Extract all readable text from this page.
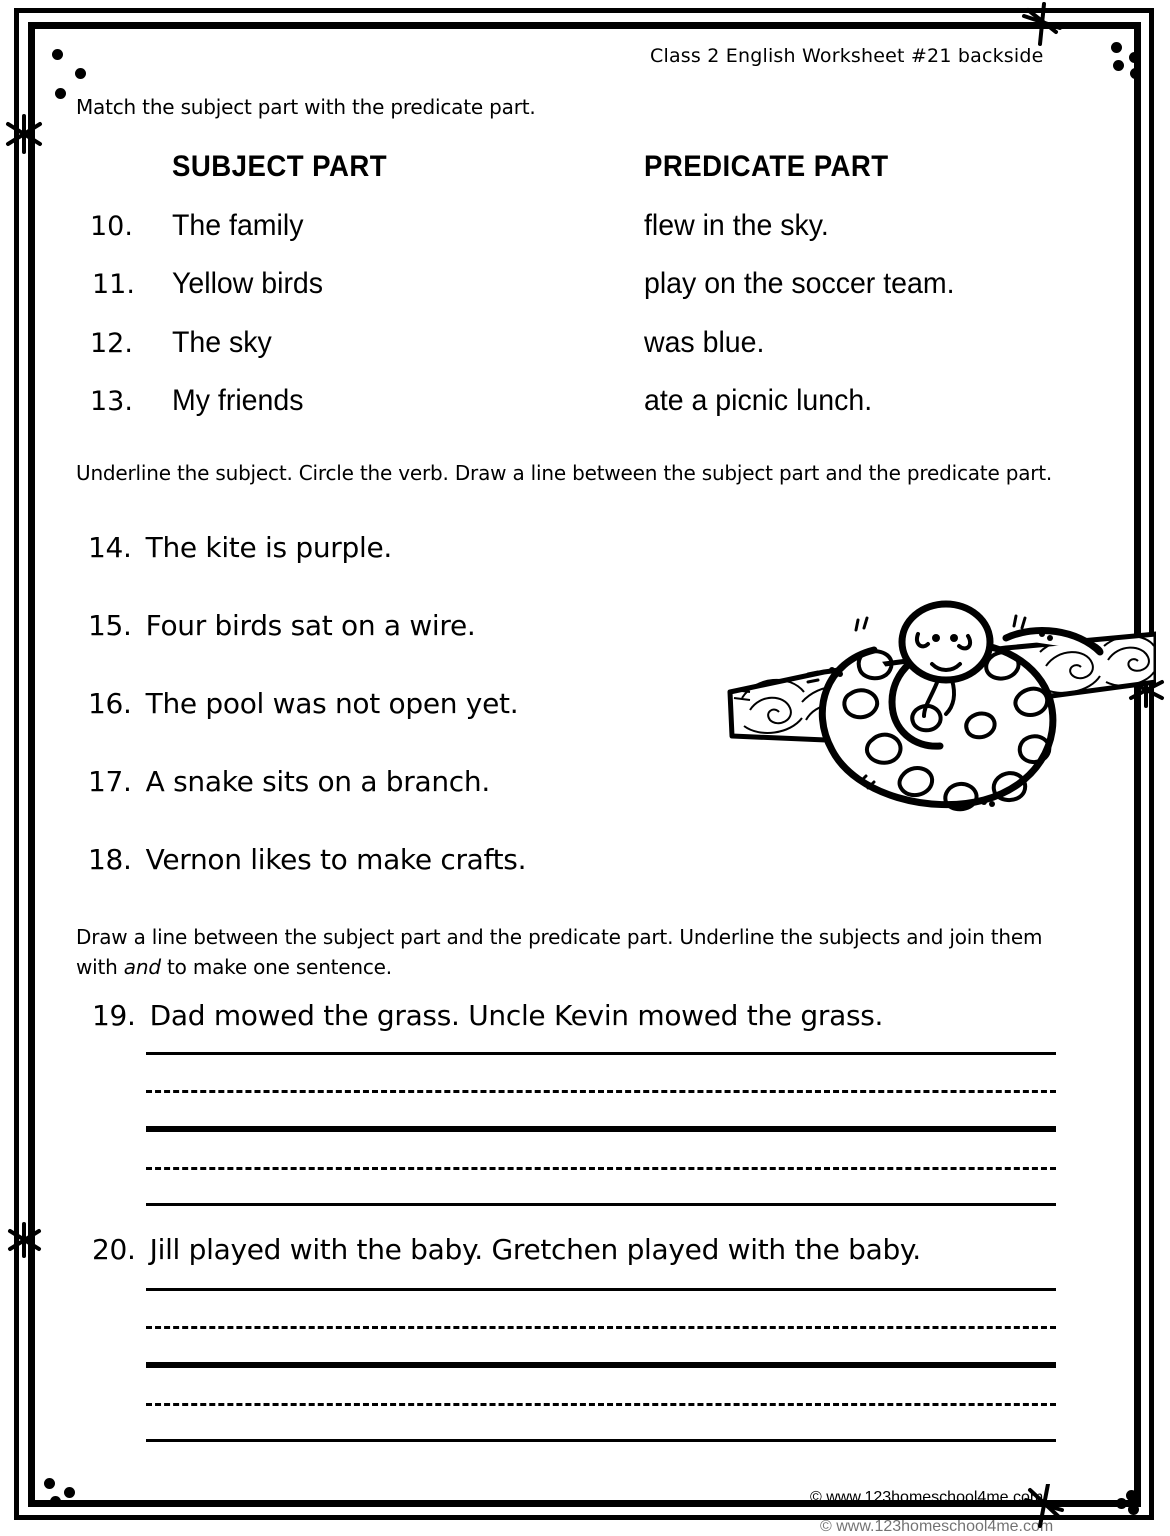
Class 2 English Worksheet #21 backside
Match the subject part with the predicate part.
SUBJECT PART	PREDICATE PART
10. The family	flew in the sky.
11. Yellow birds	play on the soccer team.
12. The sky	was blue.
13. My friends	ate a picnic lunch.
Underline the subject. Circle the verb. Draw a line between the subject part and the predicate part.
14. The kite is purple.
15. Four birds sat on a wire.
16. The pool was not open yet.
17. A snake sits on a branch.
18. Vernon likes to make crafts.
Draw a line between the subject part and the predicate part. Underline the subjects and join them with and to make one sentence.
19. Dad mowed the grass. Uncle Kevin mowed the grass.
20. Jill played with the baby. Gretchen played with the baby.
© www.123homeschool4me.com
© www.123homeschool4me.com
